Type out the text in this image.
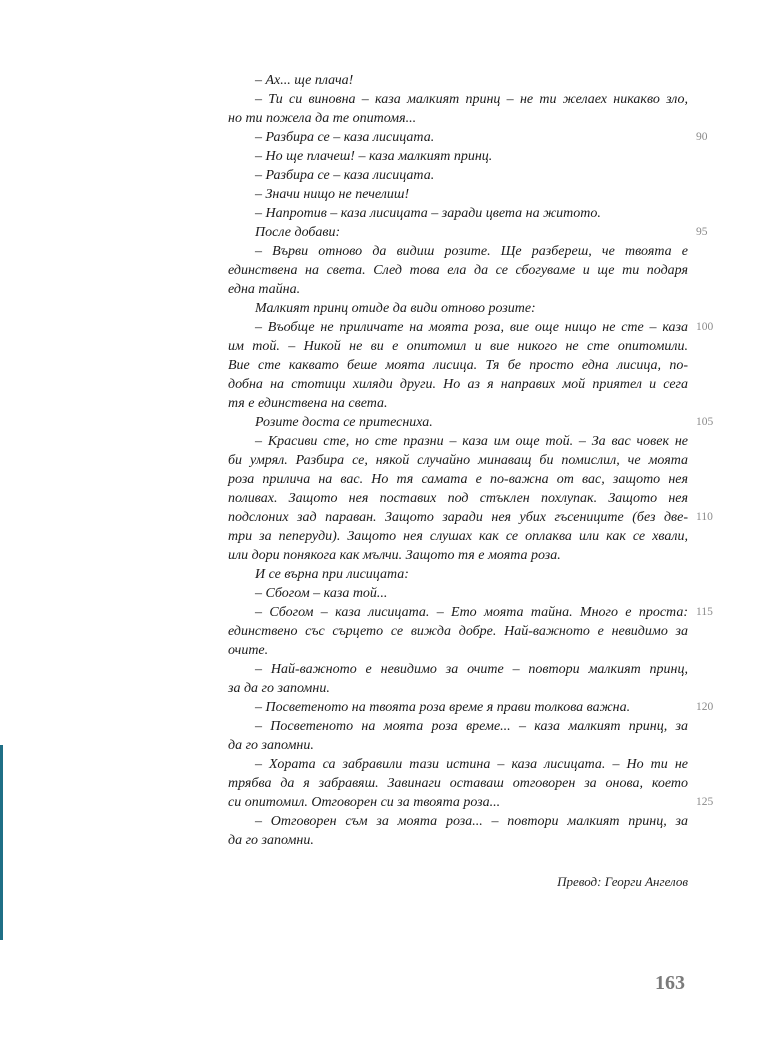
– Ах... ще плача!
– Ти си виновна – каза малкият принц – не ти желаех никакво зло,
но ти пожела да те опитомя...
– Разбира се – каза лисицата.	90
– Но ще плачеш! – каза малкият принц.
– Разбира се – каза лисицата.
– Значи нищо не печелиш!
– Напротив – каза лисицата – заради цвета на житото.
После добави:	95
– Върви отново да видиш розите. Ще разбереш, че твоята е
единствена на света. След това ела да се сбогуваме и ще ти подаря
една тайна.
Малкият принц отиде да види отново розите:
– Въобще не приличате на моята роза, вие още нищо не сте – каза 100
им той. – Никой не ви е опитомил и вие никого не сте опитомили.
Вие сте каквато беше моята лисица. Тя бе просто една лисица, по-
добна на стотици хиляди други. Но аз я направих мой приятел и сега
тя е единствена на света.
Розите доста се притесниха.	105
– Красиви сте, но сте празни – каза им още той. – За вас човек не
би умрял. Разбира се, някой случайно минаващ би помислил, че моята
роза прилича на вас. Но тя самата е по-важна от вас, защото нея
поливах. Защото нея поставих под стъклен похлупак. Защото нея
подслоних зад параван. Защото заради нея убих гъсениците (без две- 110
три за пеперуди). Защото нея слушах как се оплаква или как се хвали,
или дори понякога как мълчи. Защото тя е моята роза.
И се върна при лисицата:
– Сбогом – каза той...
– Сбогом – каза лисицата. – Ето моята тайна. Много е проста: 115
единствено със сърцето се вижда добре. Най-важното е невидимо за
очите.
– Най-важното е невидимо за очите – повтори малкият принц,
за да го запомни.
– Посветеното на твоята роза време я прави толкова важна.	120
– Посветеното на моята роза време... – каза малкият принц, за
да го запомни.
– Хората са забравили тази истина – каза лисицата. – Но ти не
трябва да я забравяш. Завинаги оставаш отговорен за онова, което
си опитомил. Отговорен си за твоята роза...	125
– Отговорен съм за моята роза... – повтори малкият принц, за
да го запомни.
Превод: Георги Ангелов
163
